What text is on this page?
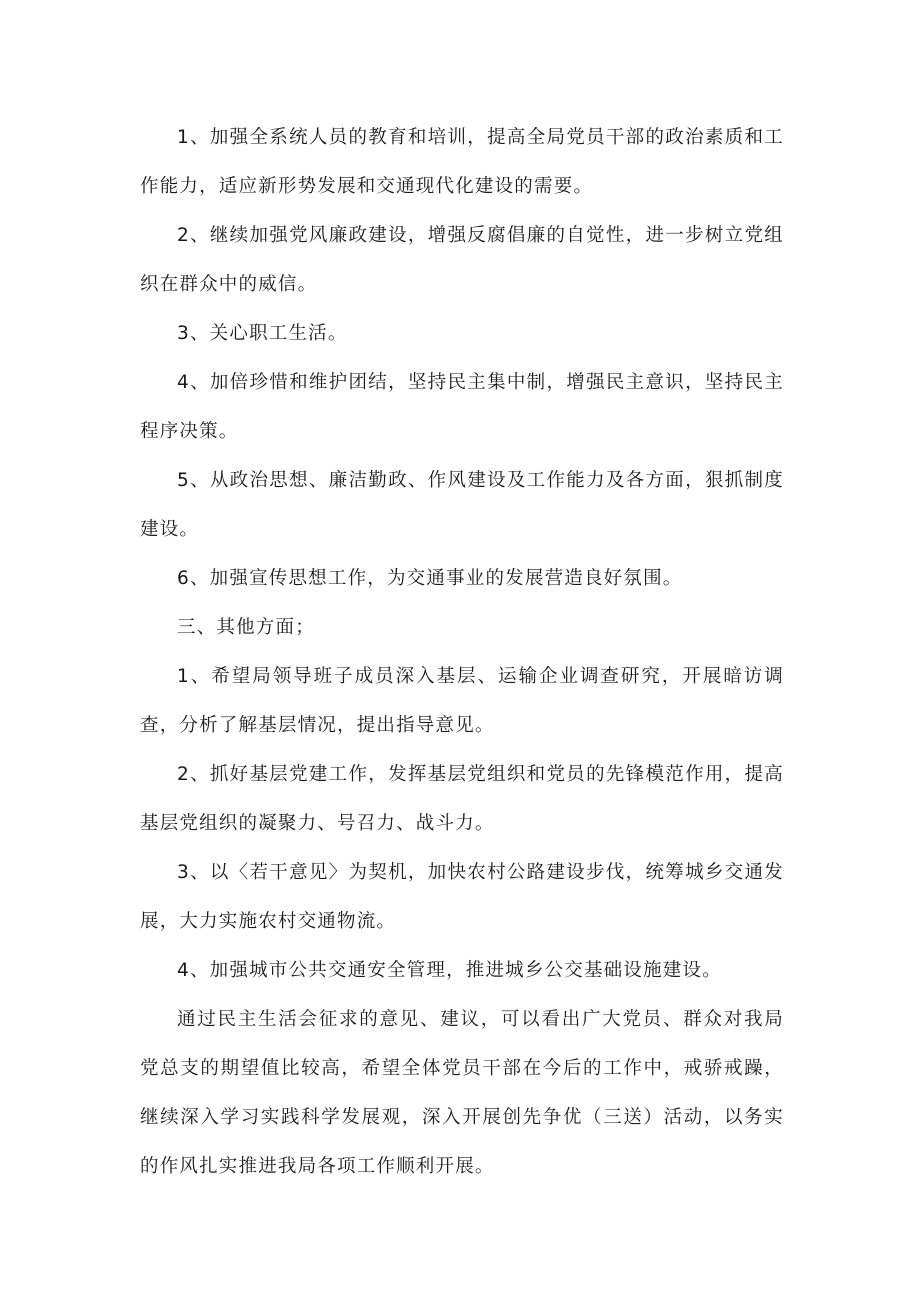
1、加强全系统人员的教育和培训，提高全局党员干部的政治素质和工作能力，适应新形势发展和交通现代化建设的需要。

2、继续加强党风廉政建设，增强反腐倡廉的自觉性，进一步树立党组织在群众中的威信。

3、关心职工生活。

4、加倍珍惜和维护团结，坚持民主集中制，增强民主意识，坚持民主程序决策。

5、从政治思想、廉洁勤政、作风建设及工作能力及各方面，狠抓制度建设。

6、加强宣传思想工作，为交通事业的发展营造良好氛围。

三、其他方面；

1、希望局领导班子成员深入基层、运输企业调查研究，开展暗访调查，分析了解基层情况，提出指导意见。

2、抓好基层党建工作，发挥基层党组织和党员的先锋模范作用，提高基层党组织的凝聚力、号召力、战斗力。

3、以〈若干意见〉为契机，加快农村公路建设步伐，统筹城乡交通发展，大力实施农村交通物流。

4、加强城市公共交通安全管理，推进城乡公交基础设施建设。

通过民主生活会征求的意见、建议，可以看出广大党员、群众对我局党总支的期望值比较高，希望全体党员干部在今后的工作中，戒骄戒躁，继续深入学习实践科学发展观，深入开展创先争优（三送）活动，以务实的作风扎实推进我局各项工作顺利开展。
